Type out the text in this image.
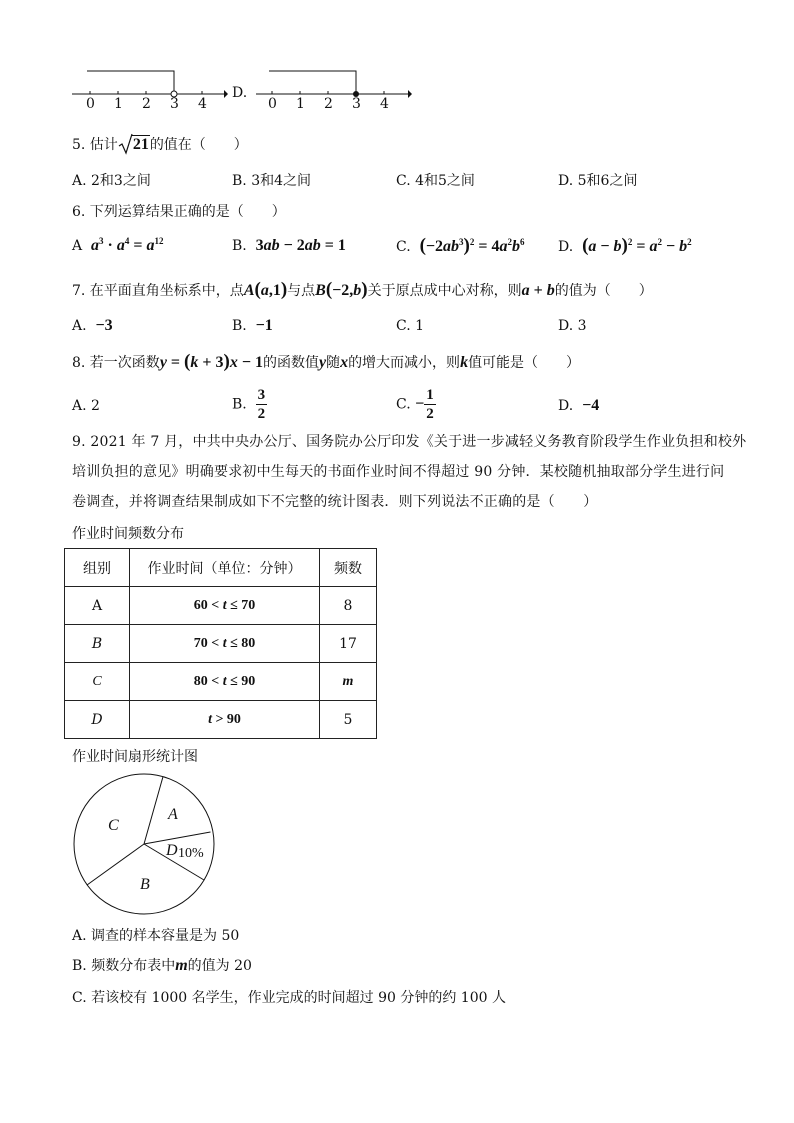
0 1 2 3 4
D.
0 1 2 3 4
5. 估计 21的值在（　　）
A. 2和3之间	B. 3和4之间	C. 4和5之间	D. 5和6之间
6. 下列运算结果正确的是（　　）
A $a^3 \cdot a^4 = a^{12}$	B. 3ab − 2ab = 1	C. $(-2ab^3)^2 = 4a^2b^6$ D. $(a - b)^2 = a^2 - b^2$
7. 在平面直角坐标系中，点A(a,1)与点B(−2,b)关于原点成中心对称，则a + b的值为（　　）
A. −3	B. −1	C. 1	D. 3
8. 若一次函数y = (k + 3)x − 1的函数值y随x的增大而减小，则k值可能是（　　）
A. 2	B. $\frac{3}{2}$	C. − $\frac{1}{2}$	D. −4
9. 2021 年 7 月，中共中央办公厅、国务院办公厅印发《关于进一步减轻义务教育阶段学生作业负担和校外
培训负担的意见》明确要求初中生每天的书面作业时间不得超过 90 分钟．某校随机抽取部分学生进行问
卷调查，并将调查结果制成如下不完整的统计图表．则下列说法不正确的是（　　）
作业时间频数分布
组别	作业时间（单位：分钟）	频数
A	60 < t ≤ 70	8
B	70 < t ≤ 80	17
C	80 < t ≤ 90	m
D	t > 90	5
作业时间扇形统计图
A
C
D 10%
B
A. 调查的样本容量是为 50
B. 频数分布表中m的值为 20
C. 若该校有 1000 名学生，作业完成的时间超过 90 分钟的约 100 人
